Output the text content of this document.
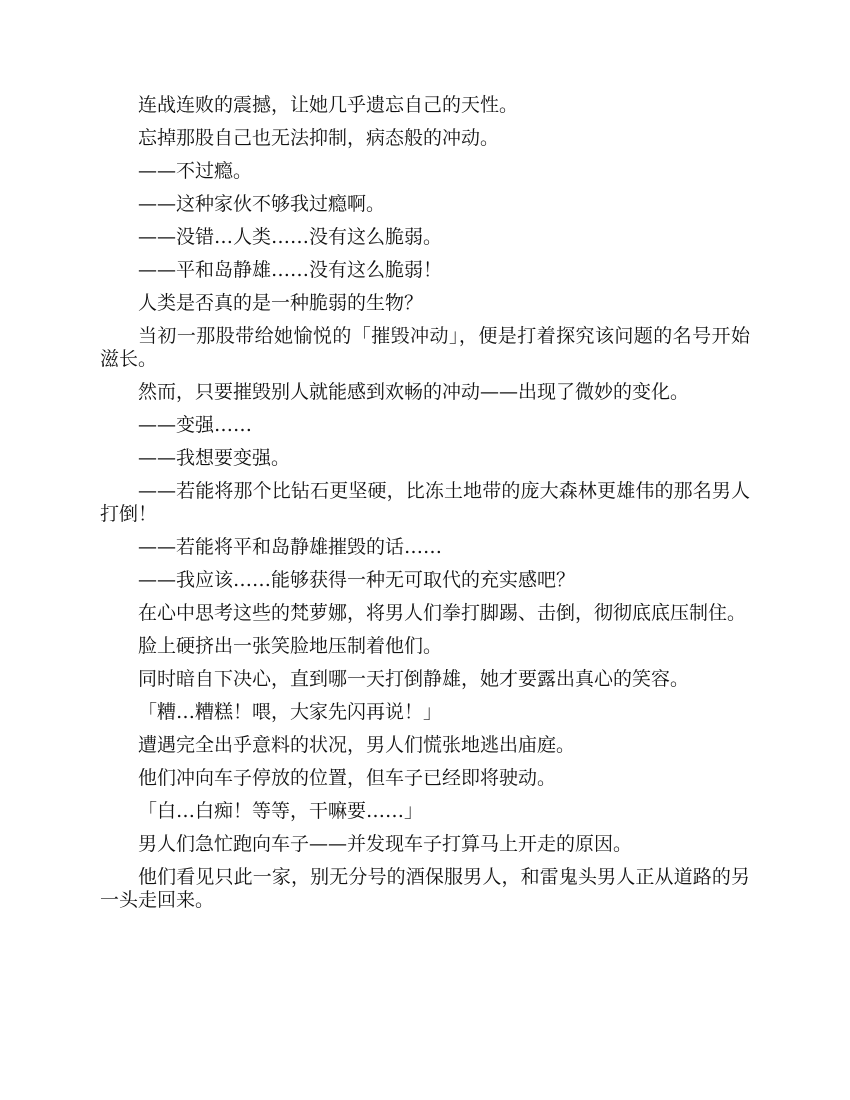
连战连败的震撼，让她几乎遗忘自己的天性。

忘掉那股自己也无法抑制，病态般的冲动。

——不过瘾。

——这种家伙不够我过瘾啊。

——没错…人类……没有这么脆弱。

——平和岛静雄……没有这么脆弱！

人类是否真的是一种脆弱的生物？

当初一那股带给她愉悦的「摧毁冲动」，便是打着探究该问题的名号开始滋长。

然而，只要摧毁别人就能感到欢畅的冲动——出现了微妙的变化。

——变强……

——我想要变强。

——若能将那个比钻石更坚硬，比冻土地带的庞大森林更雄伟的那名男人打倒！

——若能将平和岛静雄摧毁的话……

——我应该……能够获得一种无可取代的充实感吧？

在心中思考这些的梵萝娜，将男人们拳打脚踢、击倒，彻彻底底压制住。

脸上硬挤出一张笑脸地压制着他们。

同时暗自下决心，直到哪一天打倒静雄，她才要露出真心的笑容。

「糟…糟糕！喂，大家先闪再说！」

遭遇完全出乎意料的状况，男人们慌张地逃出庙庭。

他们冲向车子停放的位置，但车子已经即将驶动。

「白…白痴！等等，干嘛要……」

男人们急忙跑向车子——并发现车子打算马上开走的原因。

他们看见只此一家，别无分号的酒保服男人，和雷鬼头男人正从道路的另一头走回来。
